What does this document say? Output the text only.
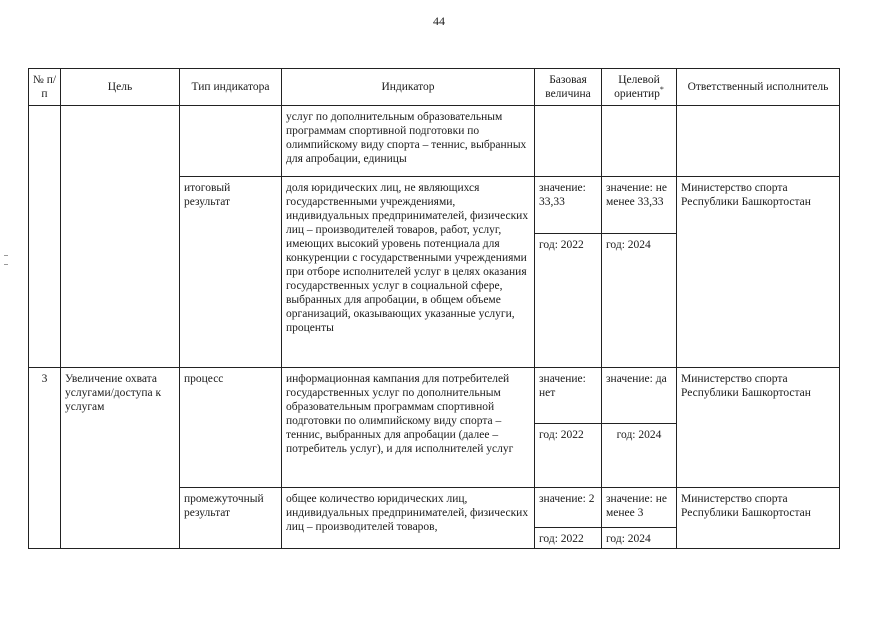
44
№ п/п	Цель	Тип индикатора	Индикатор	Базовая величина	Целевой ориентир*	Ответственный исполнитель
			услуг по дополнительным образовательным программам спортивной подготовки по олимпийскому виду спорта – теннис, выбранных для апробации, единицы			
		итоговый результат	доля юридических лиц, не являющихся государственными учреждениями, индивидуальных предпринимателей, физических лиц – производителей товаров, работ, услуг, имеющих высокий уровень потенциала для конкуренции с государственными учреждениями при отборе исполнителей услуг в целях оказания государственных услуг в социальной сфере, выбранных для апробации, в общем объеме организаций, оказывающих указанные услуги, проценты	значение: 33,33	значение: не менее 33,33	Министерство спорта Республики Башкортостан
				год: 2022	год: 2024	
3	Увеличение охвата услугами/доступа к услугам	процесс	информационная кампания для потребителей государственных услуг по дополнительным образовательным программам спортивной подготовки по олимпийскому виду спорта – теннис, выбранных для апробации (далее – потребитель услуг), и для исполнителей услуг	значение: нет	значение: да	Министерство спорта Республики Башкортостан
				год: 2022	год: 2024	
		промежуточный результат	общее количество юридических лиц, индивидуальных предпринимателей, физических лиц – производителей товаров,	значение: 2	значение: не менее 3	Министерство спорта Республики Башкортостан
				год: 2022	год: 2024	
